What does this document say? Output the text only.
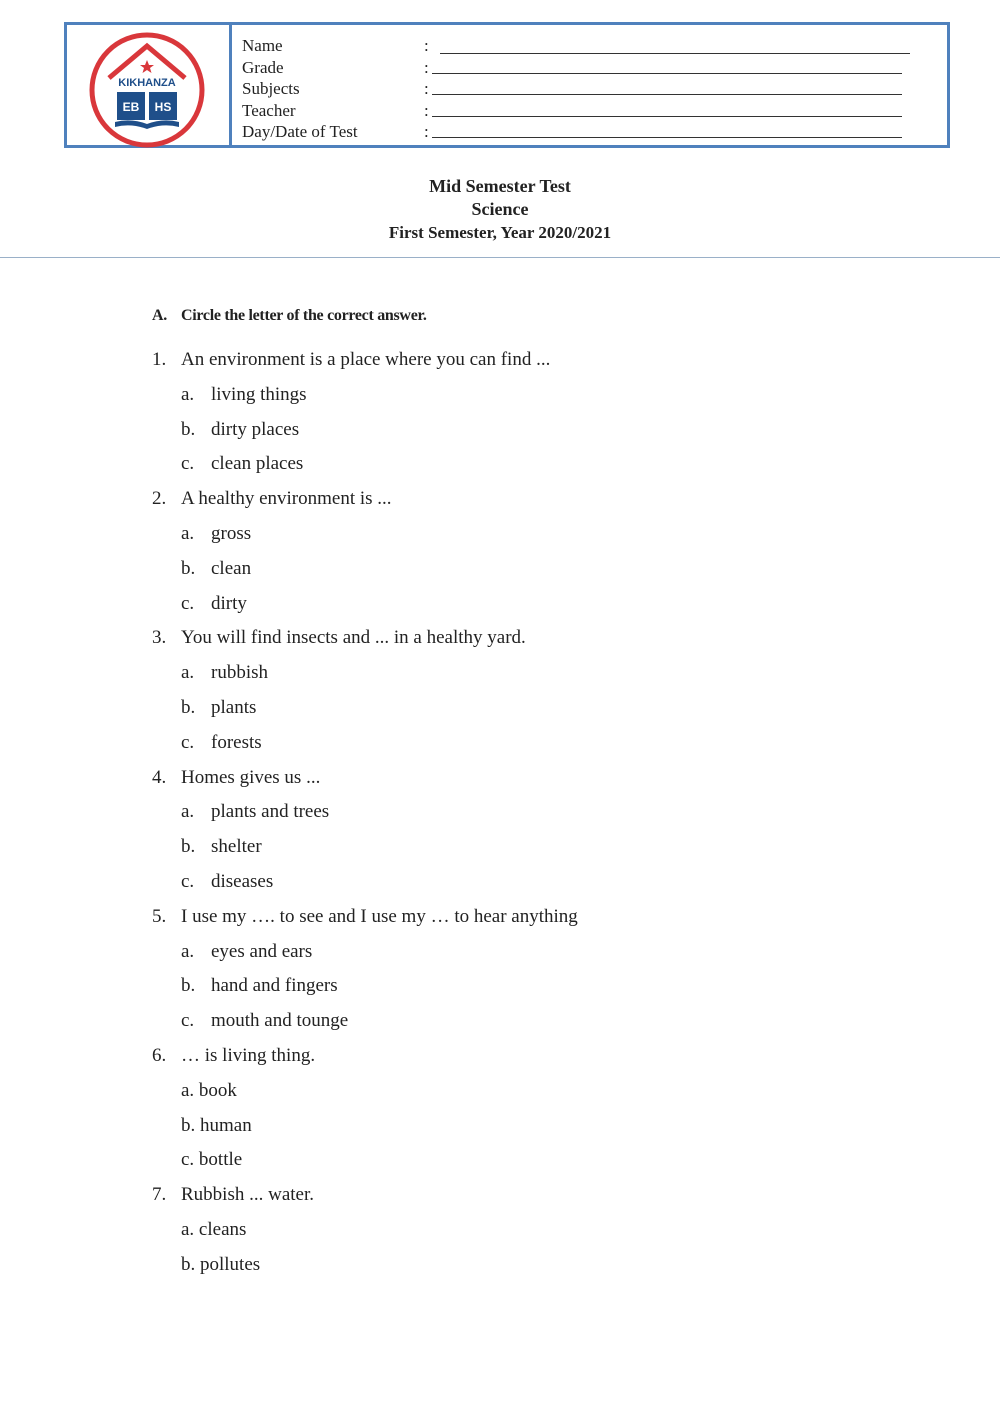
KIKHANZA
EB HS
Name	:
Grade	:
Subjects	:
Teacher	:
Day/Date of Test	:
Mid Semester Test
Science
First Semester, Year 2020/2021
A. Circle the letter of the correct answer.
1. An environment is a place where you can find ...
a. living things
b. dirty places
c. clean places
2. A healthy environment is ...
a. gross
b. clean
c. dirty
3. You will find insects and ... in a healthy yard.
a. rubbish
b. plants
c. forests
4. Homes gives us ...
a. plants and trees
b. shelter
c. diseases
5. I use my …. to see and I use my … to hear anything
a. eyes and ears
b. hand and fingers
c. mouth and tounge
6. … is living thing.
a. book
b. human
c. bottle
7. Rubbish ... water.
a. cleans
b. pollutes
